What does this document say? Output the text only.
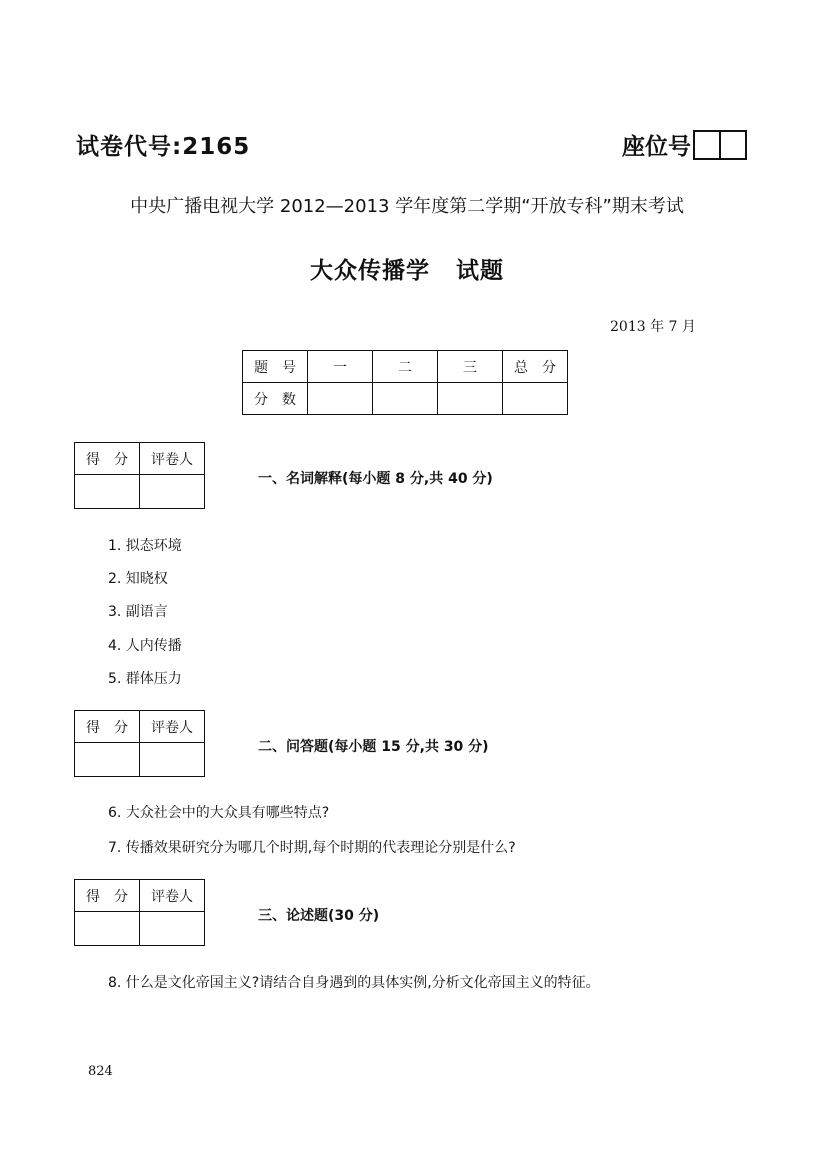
试卷代号:2165	座位号
中央广播电视大学 2012—2013 学年度第二学期“开放专科”期末考试
大众传播学 试题
2013 年 7 月
题　号	一	二	三	总　分
分　数				
得　分	评卷人

一、名词解释(每小题 8 分,共 40 分)
1. 拟态环境
2. 知晓权
3. 副语言
4. 人内传播
5. 群体压力
得　分	评卷人

二、问答题(每小题 15 分,共 30 分)
6. 大众社会中的大众具有哪些特点?
7. 传播效果研究分为哪几个时期,每个时期的代表理论分别是什么?
得　分	评卷人

三、论述题(30 分)
8. 什么是文化帝国主义?请结合自身遇到的具体实例,分析文化帝国主义的特征。
824
